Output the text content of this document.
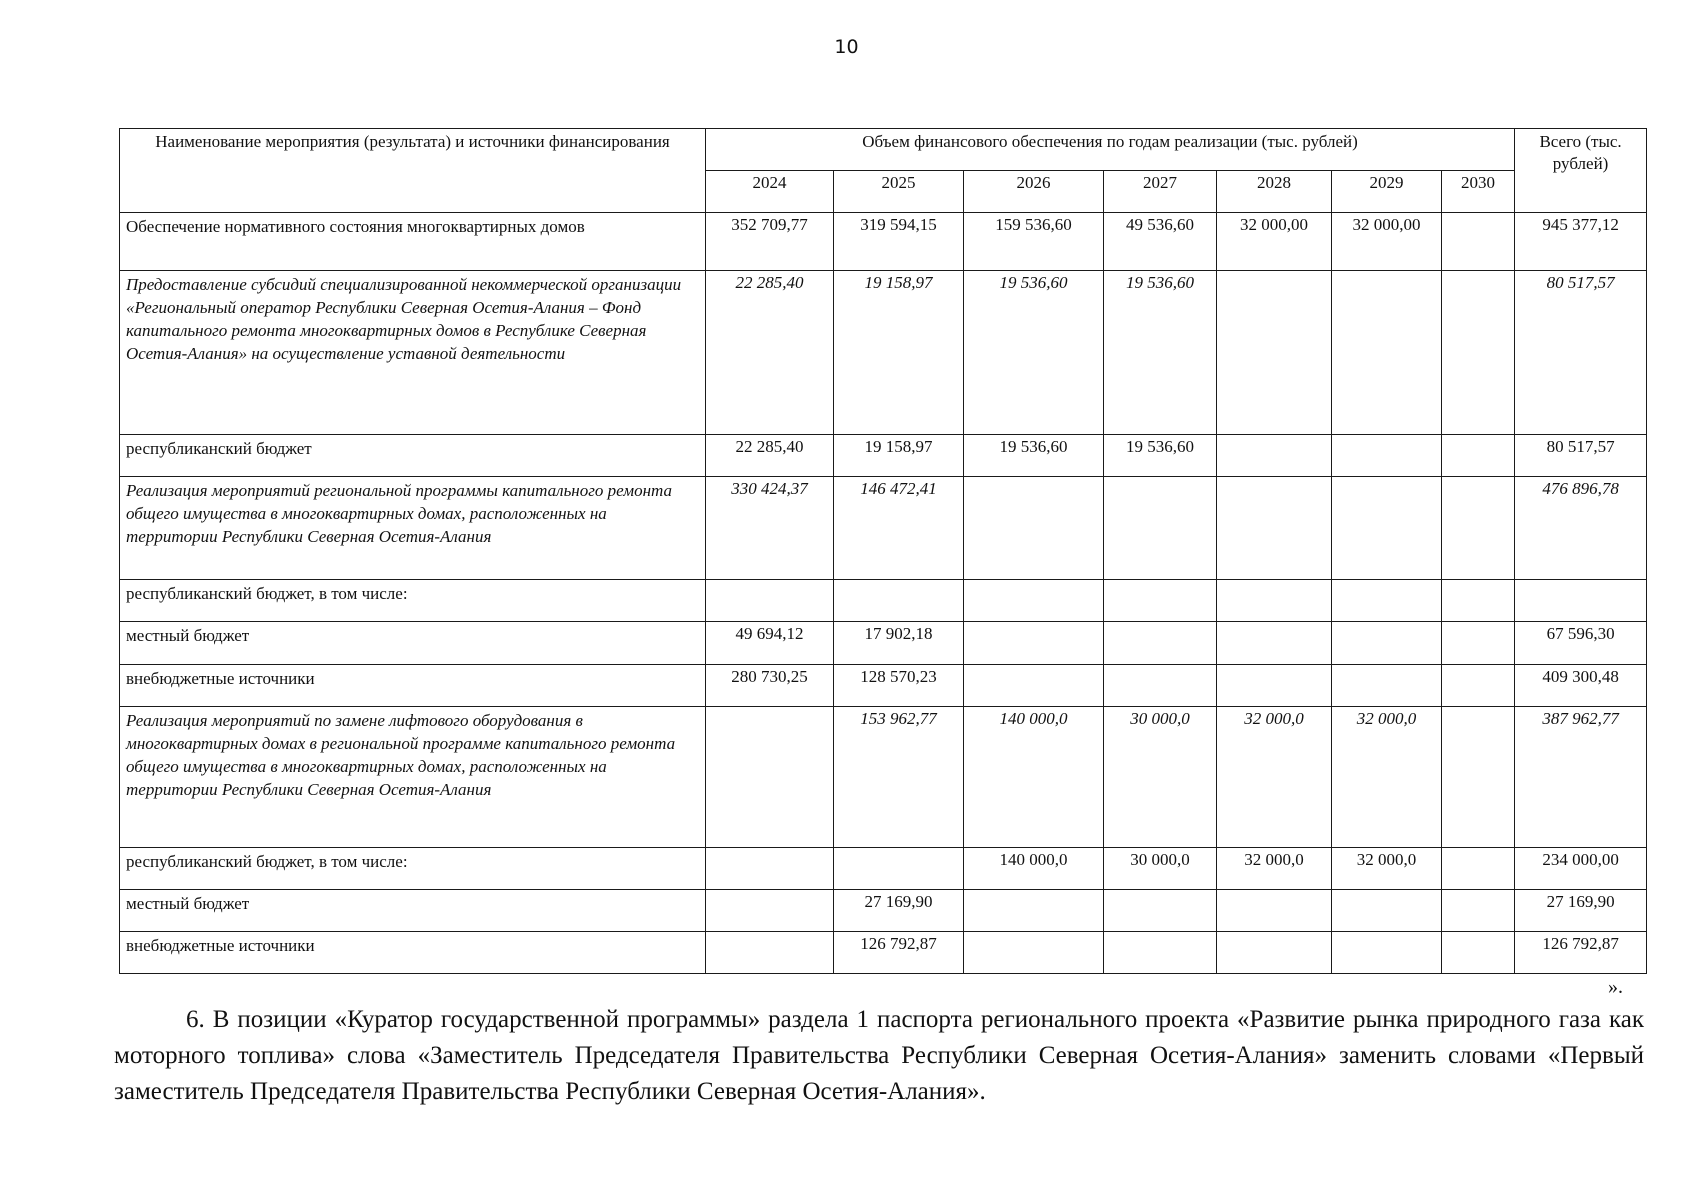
10
Наименование мероприятия (результата) и источники финансирования	Объем финансового обеспечения по годам реализации (тыс. рублей)							Всего (тыс. рублей)
	2024	2025	2026	2027	2028	2029	2030	
Обеспечение нормативного состояния многоквартирных домов	352 709,77	319 594,15	159 536,60	49 536,60	32 000,00	32 000,00		945 377,12
Предоставление субсидий специализированной некоммерческой организации «Региональный оператор Республики Северная Осетия-Алания – Фонд капитального ремонта многоквартирных домов в Республике Северная Осетия-Алания» на осуществление уставной деятельности	22 285,40	19 158,97	19 536,60	19 536,60				80 517,57
республиканский бюджет	22 285,40	19 158,97	19 536,60	19 536,60				80 517,57
Реализация мероприятий региональной программы капитального ремонта общего имущества в многоквартирных домах, расположенных на территории Республики Северная Осетия-Алания	330 424,37	146 472,41						476 896,78
республиканский бюджет, в том числе:								
местный бюджет	49 694,12	17 902,18						67 596,30
внебюджетные источники	280 730,25	128 570,23						409 300,48
Реализация мероприятий по замене лифтового оборудования в многоквартирных домах в региональной программе капитального ремонта общего имущества в многоквартирных домах, расположенных на территории Республики Северная Осетия-Алания		153 962,77	140 000,0	30 000,0	32 000,0	32 000,0		387 962,77
республиканский бюджет, в том числе:			140 000,0	30 000,0	32 000,0	32 000,0		234 000,00
местный бюджет		27 169,90						27 169,90
внебюджетные источники		126 792,87						126 792,87
».

6. В позиции «Куратор государственной программы» раздела 1 паспорта регионального проекта «Развитие рынка природного газа как моторного топлива» слова «Заместитель Председателя Правительства Республики Северная Осетия-Алания» заменить словами «Первый заместитель Председателя Правительства Республики Северная Осетия-Алания».
